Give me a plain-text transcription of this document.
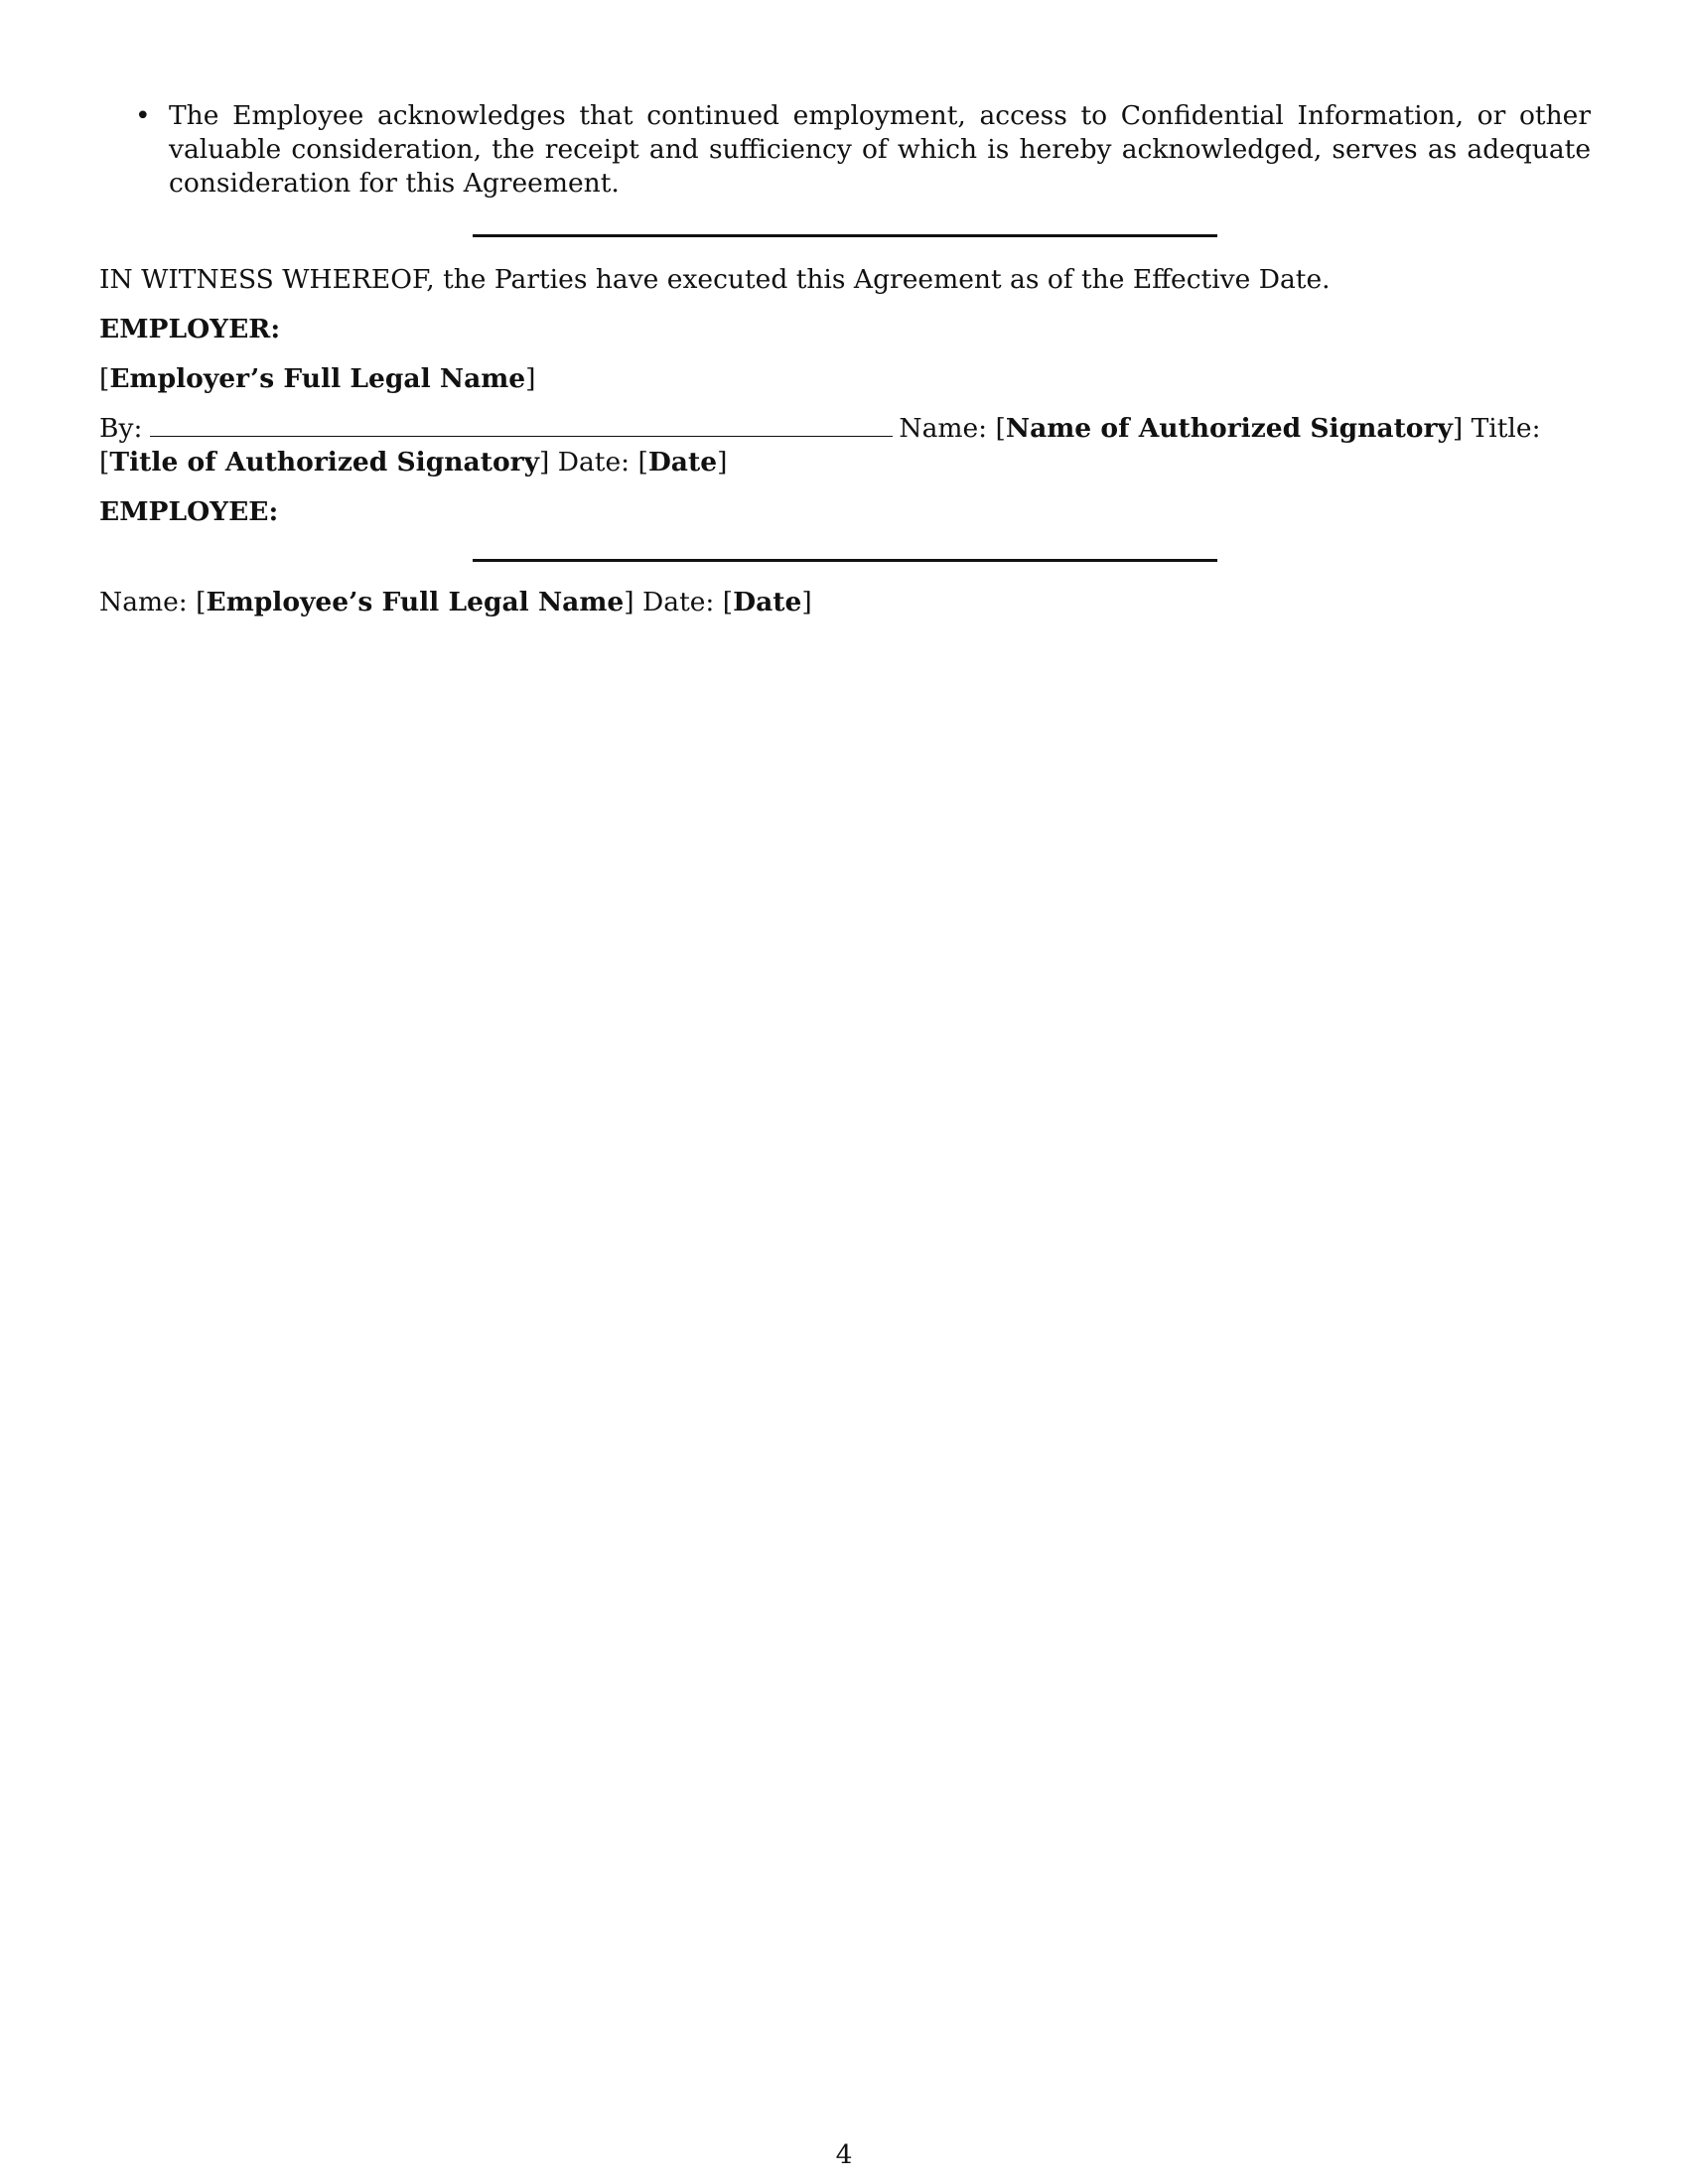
• The Employee acknowledges that continued employment, access to Confidential Information, or other valuable consideration, the receipt and sufficiency of which is hereby acknowledged, serves as adequate consideration for this Agreement.

IN WITNESS WHEREOF, the Parties have executed this Agreement as of the Effective Date.

EMPLOYER:

[Employer’s Full Legal Name]

By:	Name: [Name of Authorized Signatory] Title: [Title of Authorized Signatory] Date: [Date]

EMPLOYEE:

Name: [Employee’s Full Legal Name] Date: [Date]

4
